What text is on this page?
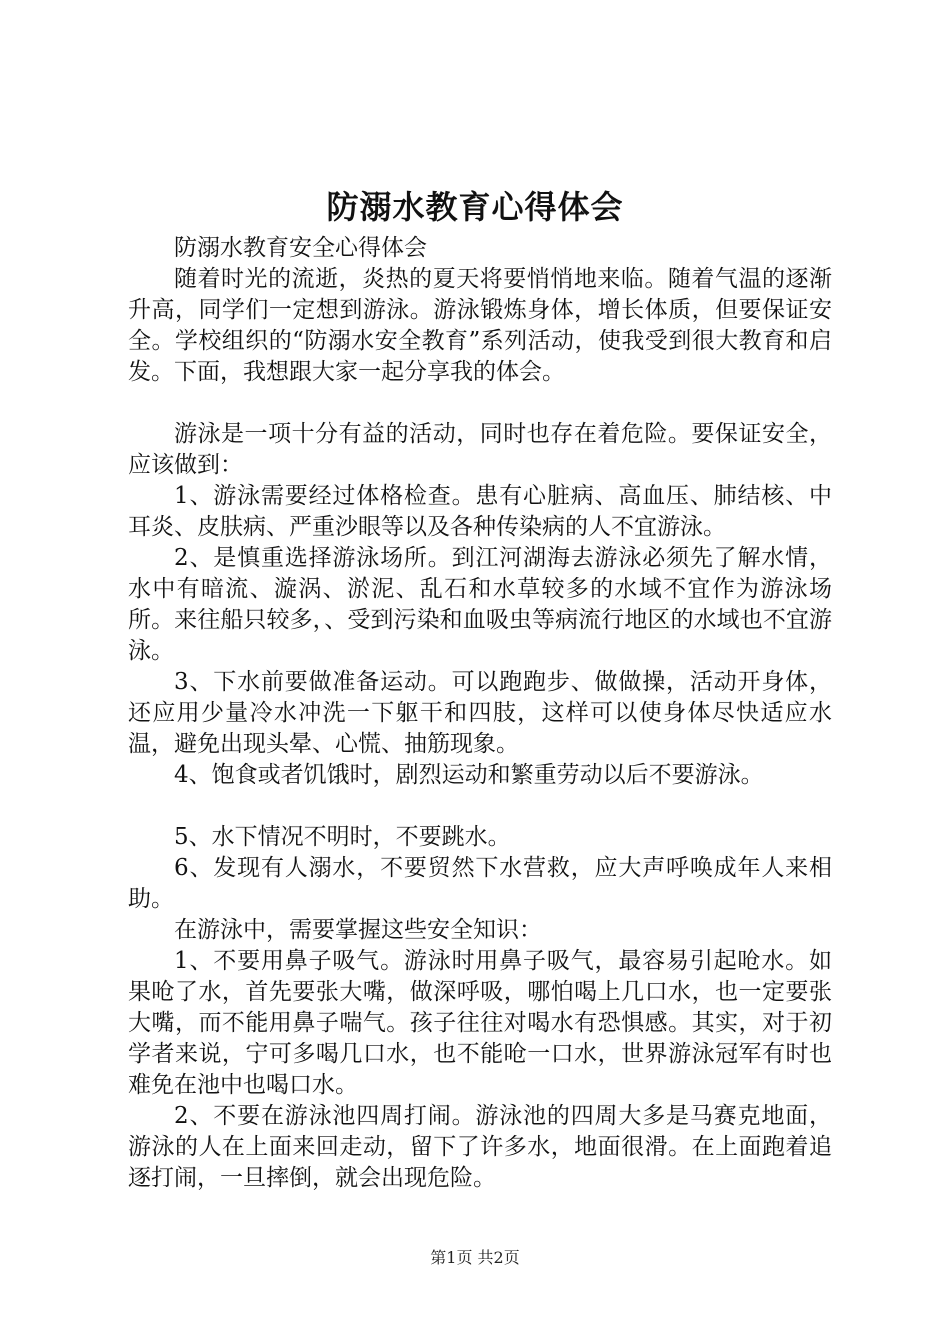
防溺水教育心得体会

防溺水教育安全心得体会

随着时光的流逝，炎热的夏天将要悄悄地来临。随着气温的逐渐升高，同学们一定想到游泳。游泳锻炼身体，增长体质，但要保证安全。学校组织的“防溺水安全教育”系列活动，使我受到很大教育和启发。下面，我想跟大家一起分享我的体会。

游泳是一项十分有益的活动，同时也存在着危险。要保证安全，应该做到：

1、游泳需要经过体格检查。患有心脏病、高血压、肺结核、中耳炎、皮肤病、严重沙眼等以及各种传染病的人不宜游泳。

2、是慎重选择游泳场所。到江河湖海去游泳必须先了解水情，水中有暗流、漩涡、淤泥、乱石和水草较多的水域不宜作为游泳场所。来往船只较多，、受到污染和血吸虫等病流行地区的水域也不宜游泳。

3、下水前要做准备运动。可以跑跑步、做做操，活动开身体，还应用少量冷水冲洗一下躯干和四肢，这样可以使身体尽快适应水温，避免出现头晕、心慌、抽筋现象。

4、饱食或者饥饿时，剧烈运动和繁重劳动以后不要游泳。

5、水下情况不明时，不要跳水。

6、发现有人溺水，不要贸然下水营救，应大声呼唤成年人来相助。

在游泳中，需要掌握这些安全知识：

1、不要用鼻子吸气。游泳时用鼻子吸气，最容易引起呛水。如果呛了水，首先要张大嘴，做深呼吸，哪怕喝上几口水，也一定要张大嘴，而不能用鼻子喘气。孩子往往对喝水有恐惧感。其实，对于初学者来说，宁可多喝几口水，也不能呛一口水，世界游泳冠军有时也难免在池中也喝口水。

2、不要在游泳池四周打闹。游泳池的四周大多是马赛克地面，游泳的人在上面来回走动，留下了许多水，地面很滑。在上面跑着追逐打闹，一旦摔倒，就会出现危险。

第1页 共2页
